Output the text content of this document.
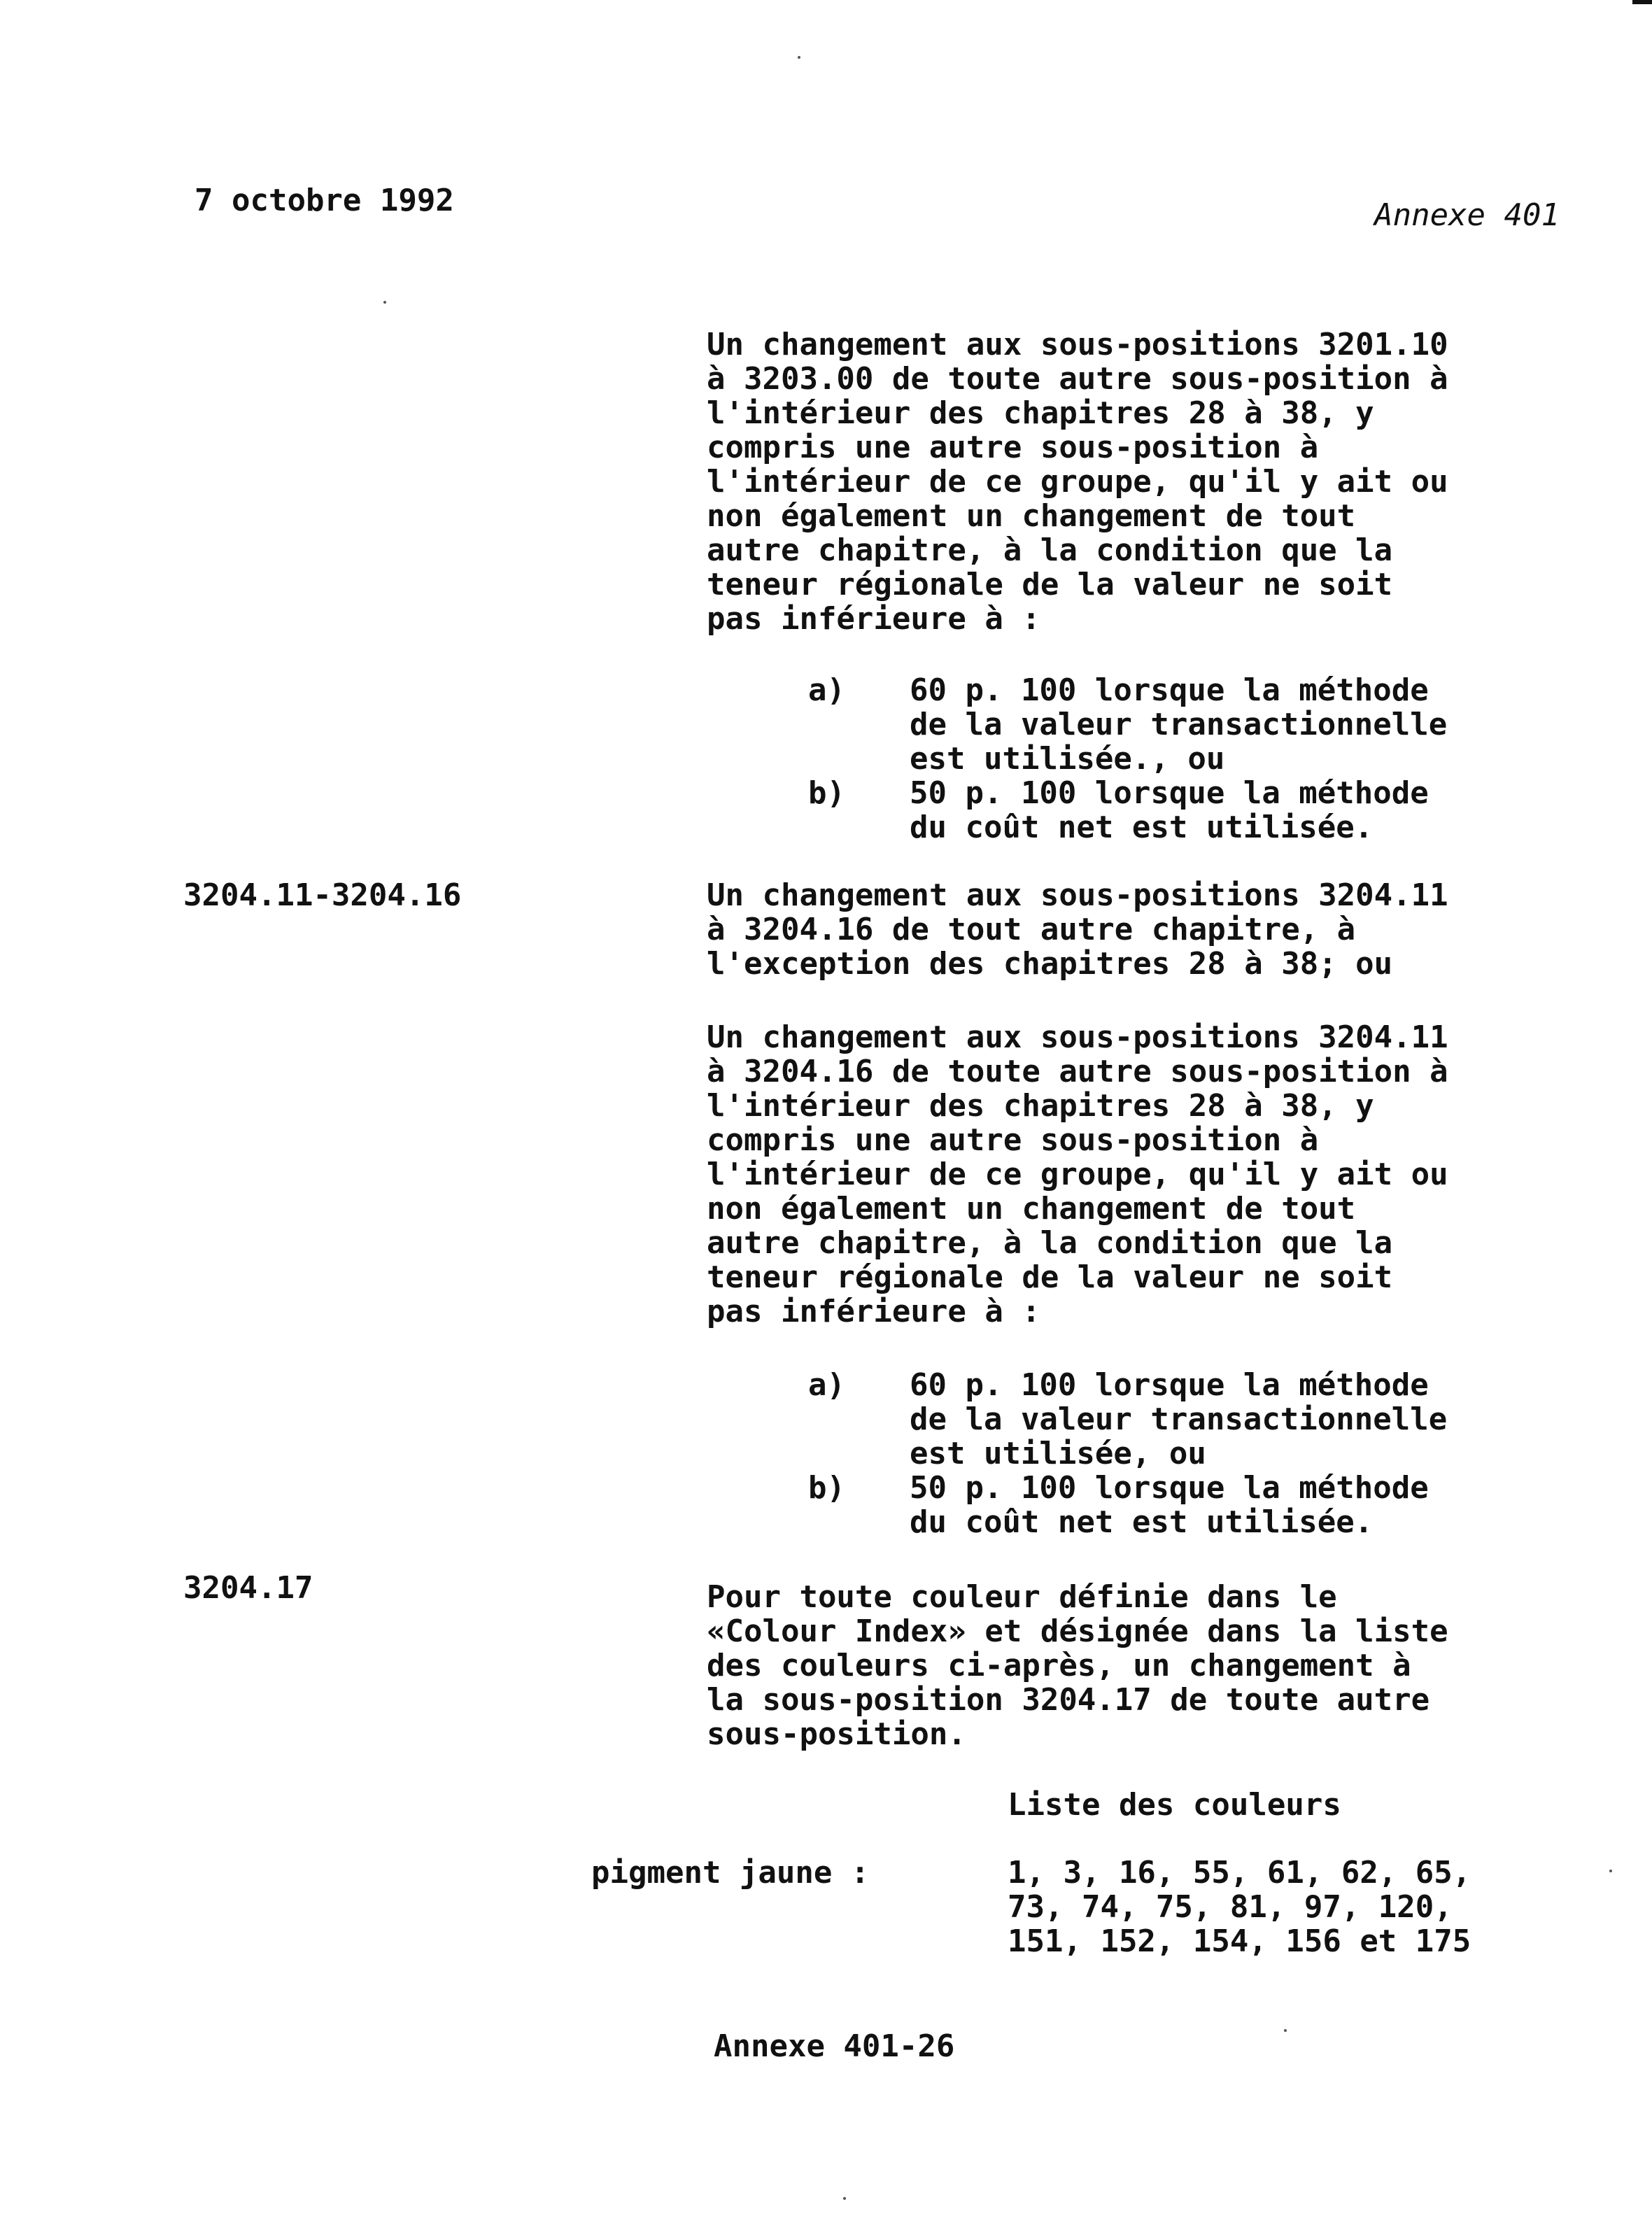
7 octobre 1992	Annexe 401
Un changement aux sous-positions 3201.10
à 3203.00 de toute autre sous-position à
l'intérieur des chapitres 28 à 38, y
compris une autre sous-position à
l'intérieur de ce groupe, qu'il y ait ou
non également un changement de tout
autre chapitre, à la condition que la
teneur régionale de la valeur ne soit
pas inférieure à :
a)	60 p. 100 lorsque la méthode
de la valeur transactionnelle
est utilisée., ou
b)	50 p. 100 lorsque la méthode
du coût net est utilisée.
3204.11-3204.16	Un changement aux sous-positions 3204.11
à 3204.16 de tout autre chapitre, à
l'exception des chapitres 28 à 38; ou
Un changement aux sous-positions 3204.11
à 3204.16 de toute autre sous-position à
l'intérieur des chapitres 28 à 38, y
compris une autre sous-position à
l'intérieur de ce groupe, qu'il y ait ou
non également un changement de tout
autre chapitre, à la condition que la
teneur régionale de la valeur ne soit
pas inférieure à :
a)	60 p. 100 lorsque la méthode
de la valeur transactionnelle
est utilisée, ou
b)	50 p. 100 lorsque la méthode
du coût net est utilisée.
3204.17	Pour toute couleur définie dans le
«Colour Index» et désignée dans la liste
des couleurs ci-après, un changement à
la sous-position 3204.17 de toute autre
sous-position.
Liste des couleurs
pigment jaune :	1, 3, 16, 55, 61, 62, 65,
73, 74, 75, 81, 97, 120,
151, 152, 154, 156 et 175
Annexe 401-26
